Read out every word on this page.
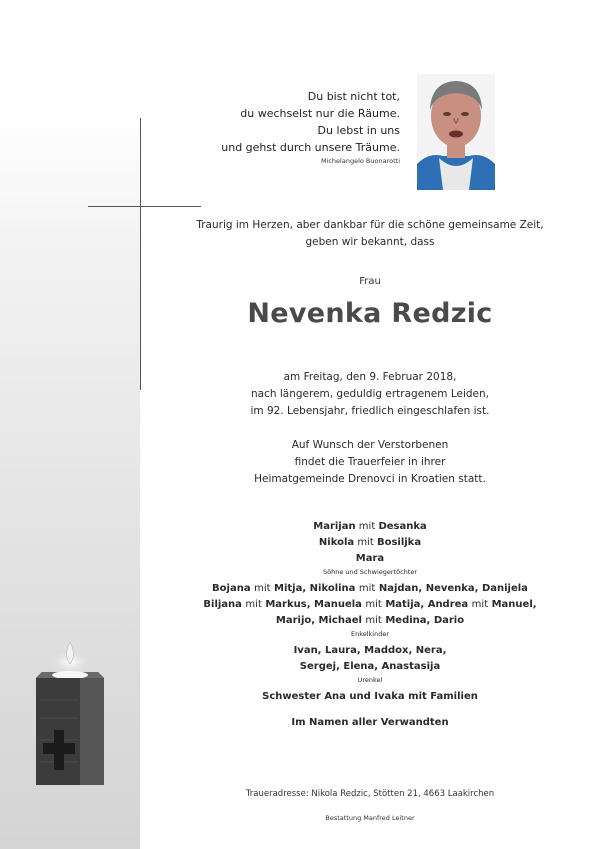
Du bist nicht tot,
du wechselst nur die Räume.
Du lebst in uns
und gehst durch unsere Träume.
Michelangelo Buonarotti
Traurig im Herzen, aber dankbar für die schöne gemeinsame Zeit,
geben wir bekannt, dass
Frau
Nevenka Redzic
am Freitag, den 9. Februar 2018,
nach längerem, geduldig ertragenem Leiden,
im 92. Lebensjahr, friedlich eingeschlafen ist.
Auf Wunsch der Verstorbenen
findet die Trauerfeier in ihrer
Heimatgemeinde Drenovci in Kroatien statt.
Marijan mit Desanka
Nikola mit Bosiljka
Mara
Söhne und Schwiegertöchter
Bojana mit Mitja, Nikolina mit Najdan, Nevenka, Danijela
Biljana mit Markus, Manuela mit Matija, Andrea mit Manuel,
Marijo, Michael mit Medina, Dario
Enkelkinder
Ivan, Laura, Maddox, Nera,
Sergej, Elena, Anastasija
Urenkel
Schwester Ana und Ivaka mit Familien
Im Namen aller Verwandten
Traueradresse: Nikola Redzic, Stötten 21, 4663 Laakirchen
Bestattung Manfred Leitner
